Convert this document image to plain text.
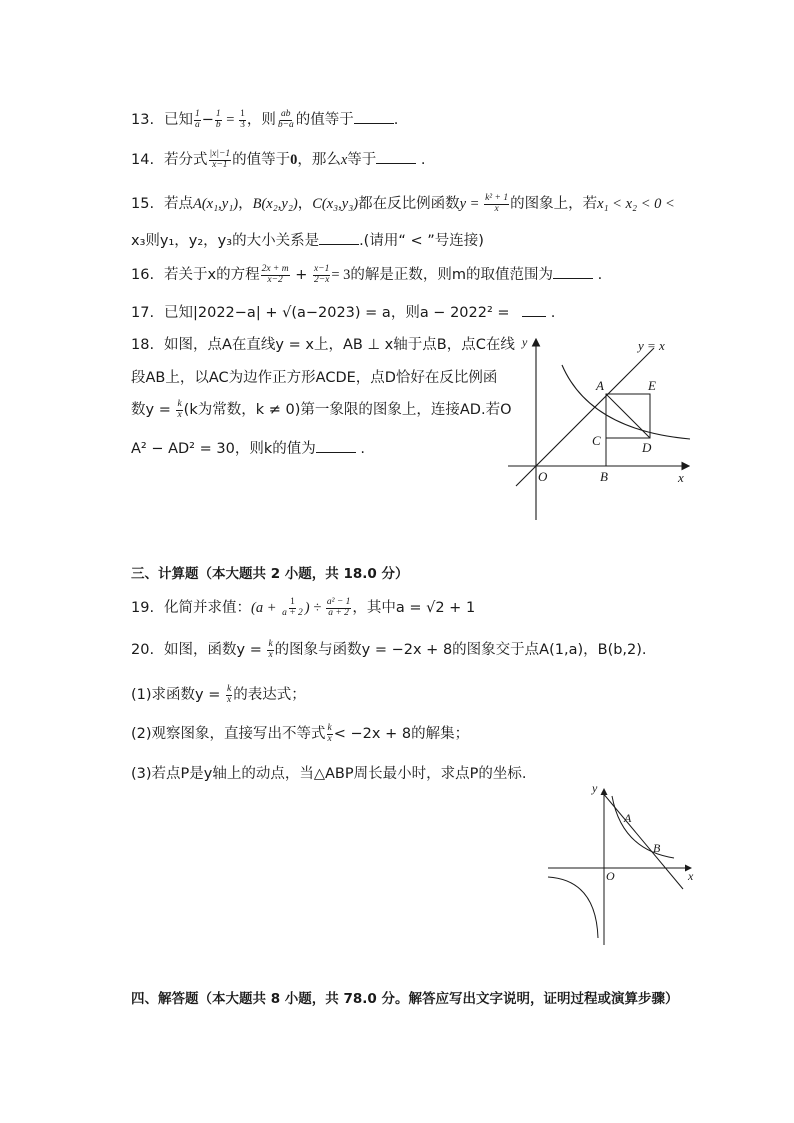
13. 已知 $\frac{1}{a} - \frac{1}{b} = \frac{1}{3}$ ，则 $\frac{ab}{b-a}$ 的值等于	.
14. 若分式 $\frac{|x|-1}{x-1}$ 的值等于0，那么x等于	.
15. 若点A(x₁,y₁)，B(x₂,y₂)，C(x₃,y₃)都在反比例函数$y = \frac{\text{k² + 1}}{x}$ 的图象上，若x₁ < x₂ < 0 <
x₃则y₁，y₂，y₃的大小关系是	.(请用“ < ”号连接)
16. 若关于x的方程 $\frac{2x + m}{x-2} + \frac{x-1}{2-x} = 3$的解是正数，则m的取值范围为	.
17. 已知|2022−a| + √(a−2023) = a，则a − 2022² =	.
18. 如图，点A在直线y = x上，AB ⊥ x轴于点B，点C在线
段AB上，以AC为边作正方形ACDE，点D恰好在反比例函
数$y = \frac{k}{x} (k$为常数，k ≠ 0)第一象限的图象上，连接AD.若O
A² − AD² = 30，则k的值为	.
y = x
y
x
O
A
B
C	D
E
三、计算题（本大题共 2 小题，共 18.0 分）
19. 化简并求值：($a + \frac{1}{a + 2}$ ) ÷ $\frac{\text{a² − 1}}{a + 2}$ ，其中a = √2 + 1
20. 如图，函数$y = \frac{k}{x}$ 的图象与函数y = −2x + 8的图象交于点A(1,a)，B(b,2).
(1)求函数$y = \frac{k}{x}$ 的表达式；
(2)观察图象，直接写出不等式 $\frac{k}{x} < -2x + 8$的解集；
(3)若点P是y轴上的动点，当△ABP周长最小时，求点P的坐标.
y
x
O
A
B
四、解答题（本大题共 8 小题，共 78.0 分。解答应写出文字说明，证明过程或演算步骤）
